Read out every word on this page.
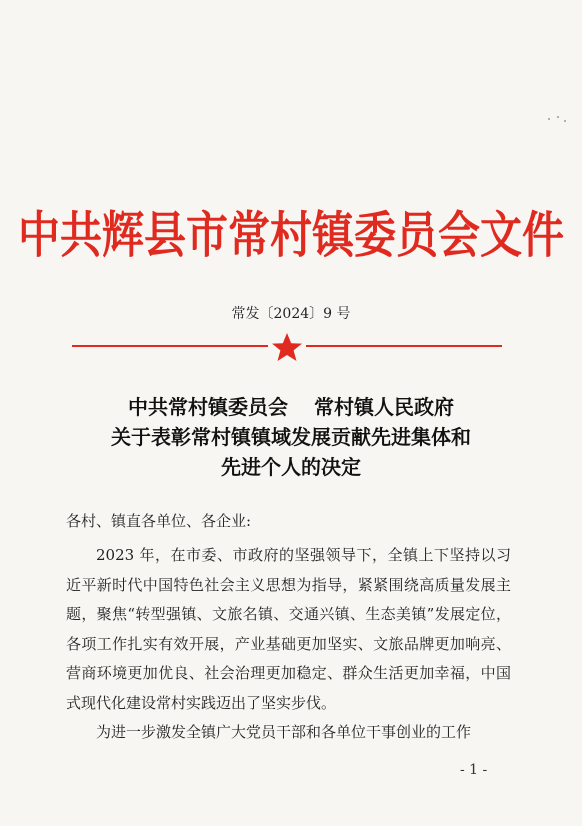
中共辉县市常村镇委员会文件
常发〔2024〕9 号
中共常村镇委员会 常村镇人民政府
关于表彰常村镇镇域发展贡献先进集体和
先进个人的决定
各村、镇直各单位、各企业:

2023 年，在市委、市政府的坚强领导下，全镇上下坚持以习近平新时代中国特色社会主义思想为指导，紧紧围绕高质量发展主题，聚焦“转型强镇、文旅名镇、交通兴镇、生态美镇”发展定位，各项工作扎实有效开展，产业基础更加坚实、文旅品牌更加响亮、营商环境更加优良、社会治理更加稳定、群众生活更加幸福，中国式现代化建设常村实践迈出了坚实步伐。

为进一步激发全镇广大党员干部和各单位干事创业的工作

- 1 -
